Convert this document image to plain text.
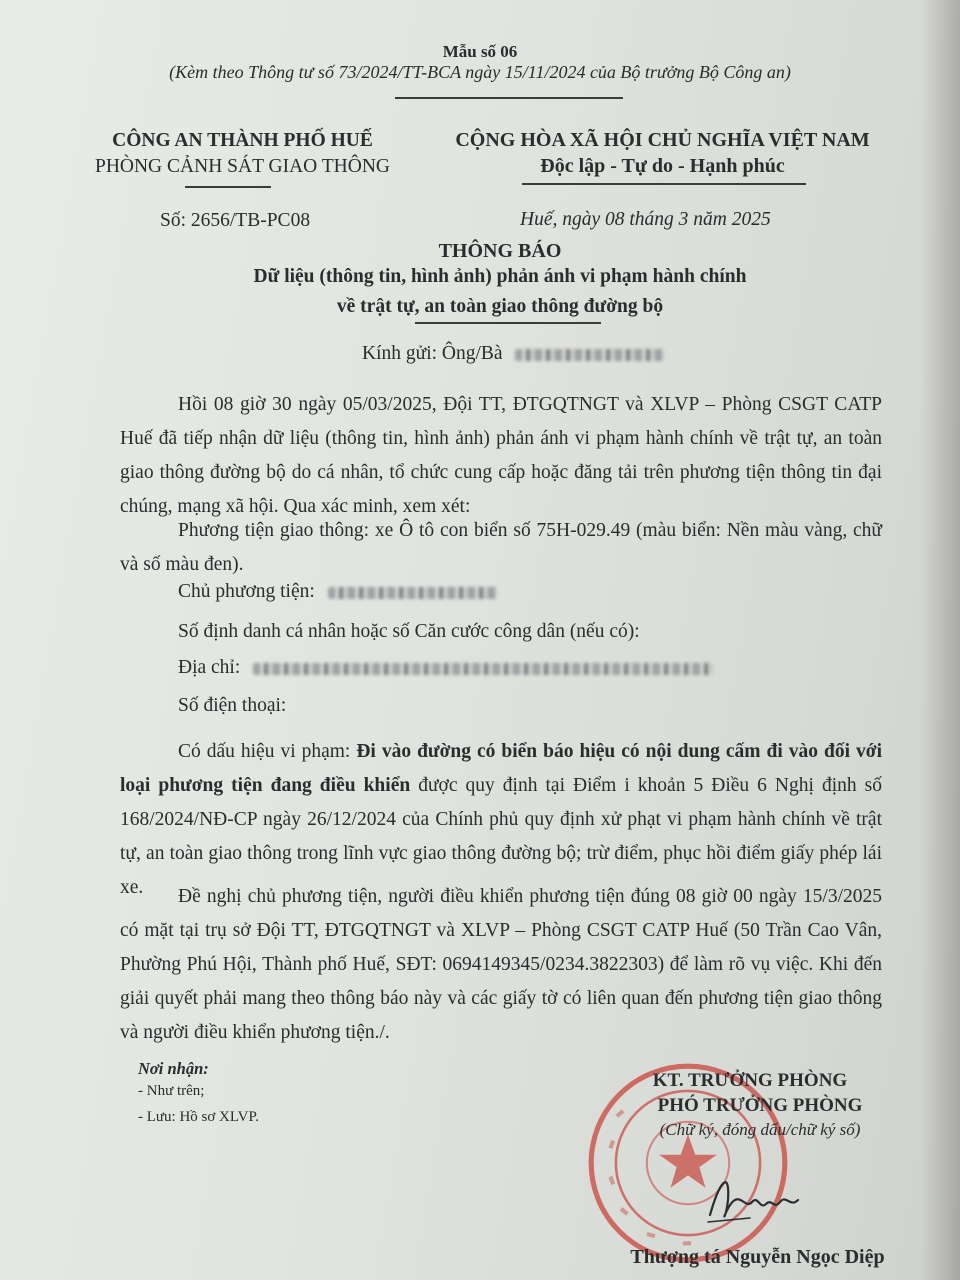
Mẫu số 06
(Kèm theo Thông tư số 73/2024/TT-BCA ngày 15/11/2024 của Bộ trưởng Bộ Công an)
CÔNG AN THÀNH PHỐ HUẾ
PHÒNG CẢNH SÁT GIAO THÔNG
Số: 2656/TB-PC08
CỘNG HÒA XÃ HỘI CHỦ NGHĨA VIỆT NAM
Độc lập - Tự do - Hạnh phúc
Huế, ngày 08 tháng 3 năm 2025
THÔNG BÁO
Dữ liệu (thông tin, hình ảnh) phản ánh vi phạm hành chính
về trật tự, an toàn giao thông đường bộ
Kính gửi: Ông/Bà
Hồi 08 giờ 30 ngày 05/03/2025, Đội TT, ĐTGQTNGT và XLVP – Phòng CSGT CATP Huế đã tiếp nhận dữ liệu (thông tin, hình ảnh) phản ánh vi phạm hành chính về trật tự, an toàn giao thông đường bộ do cá nhân, tổ chức cung cấp hoặc đăng tải trên phương tiện thông tin đại chúng, mạng xã hội. Qua xác minh, xem xét:
Phương tiện giao thông: xe Ô tô con biển số 75H-029.49 (màu biển: Nền màu vàng, chữ và số màu đen).
Chủ phương tiện:
Số định danh cá nhân hoặc số Căn cước công dân (nếu có):
Địa chỉ:
Số điện thoại:
Có dấu hiệu vi phạm: Đi vào đường có biển báo hiệu có nội dung cấm đi vào đối với loại phương tiện đang điều khiển được quy định tại Điểm i khoản 5 Điều 6 Nghị định số 168/2024/NĐ-CP ngày 26/12/2024 của Chính phủ quy định xử phạt vi phạm hành chính về trật tự, an toàn giao thông trong lĩnh vực giao thông đường bộ; trừ điểm, phục hồi điểm giấy phép lái xe.	Đề nghị chủ phương tiện, người điều khiển phương tiện đúng 08 giờ 00 ngày 15/3/2025 có mặt tại trụ sở Đội TT, ĐTGQTNGT và XLVP – Phòng CSGT CATP Huế (50 Trần Cao Vân, Phường Phú Hội, Thành phố Huế, SĐT: 0694149345/0234.3822303) để làm rõ vụ việc. Khi đến giải quyết phải mang theo thông báo này và các giấy tờ có liên quan đến phương tiện giao thông và người điều khiển phương tiện./.
Nơi nhận:
- Như trên;
- Lưu: Hồ sơ XLVP.
KT. TRƯỞNG PHÒNG
PHÓ TRƯỞNG PHÒNG
(Chữ ký, đóng dấu/chữ ký số)
Thượng tá Nguyễn Ngọc Diệp
